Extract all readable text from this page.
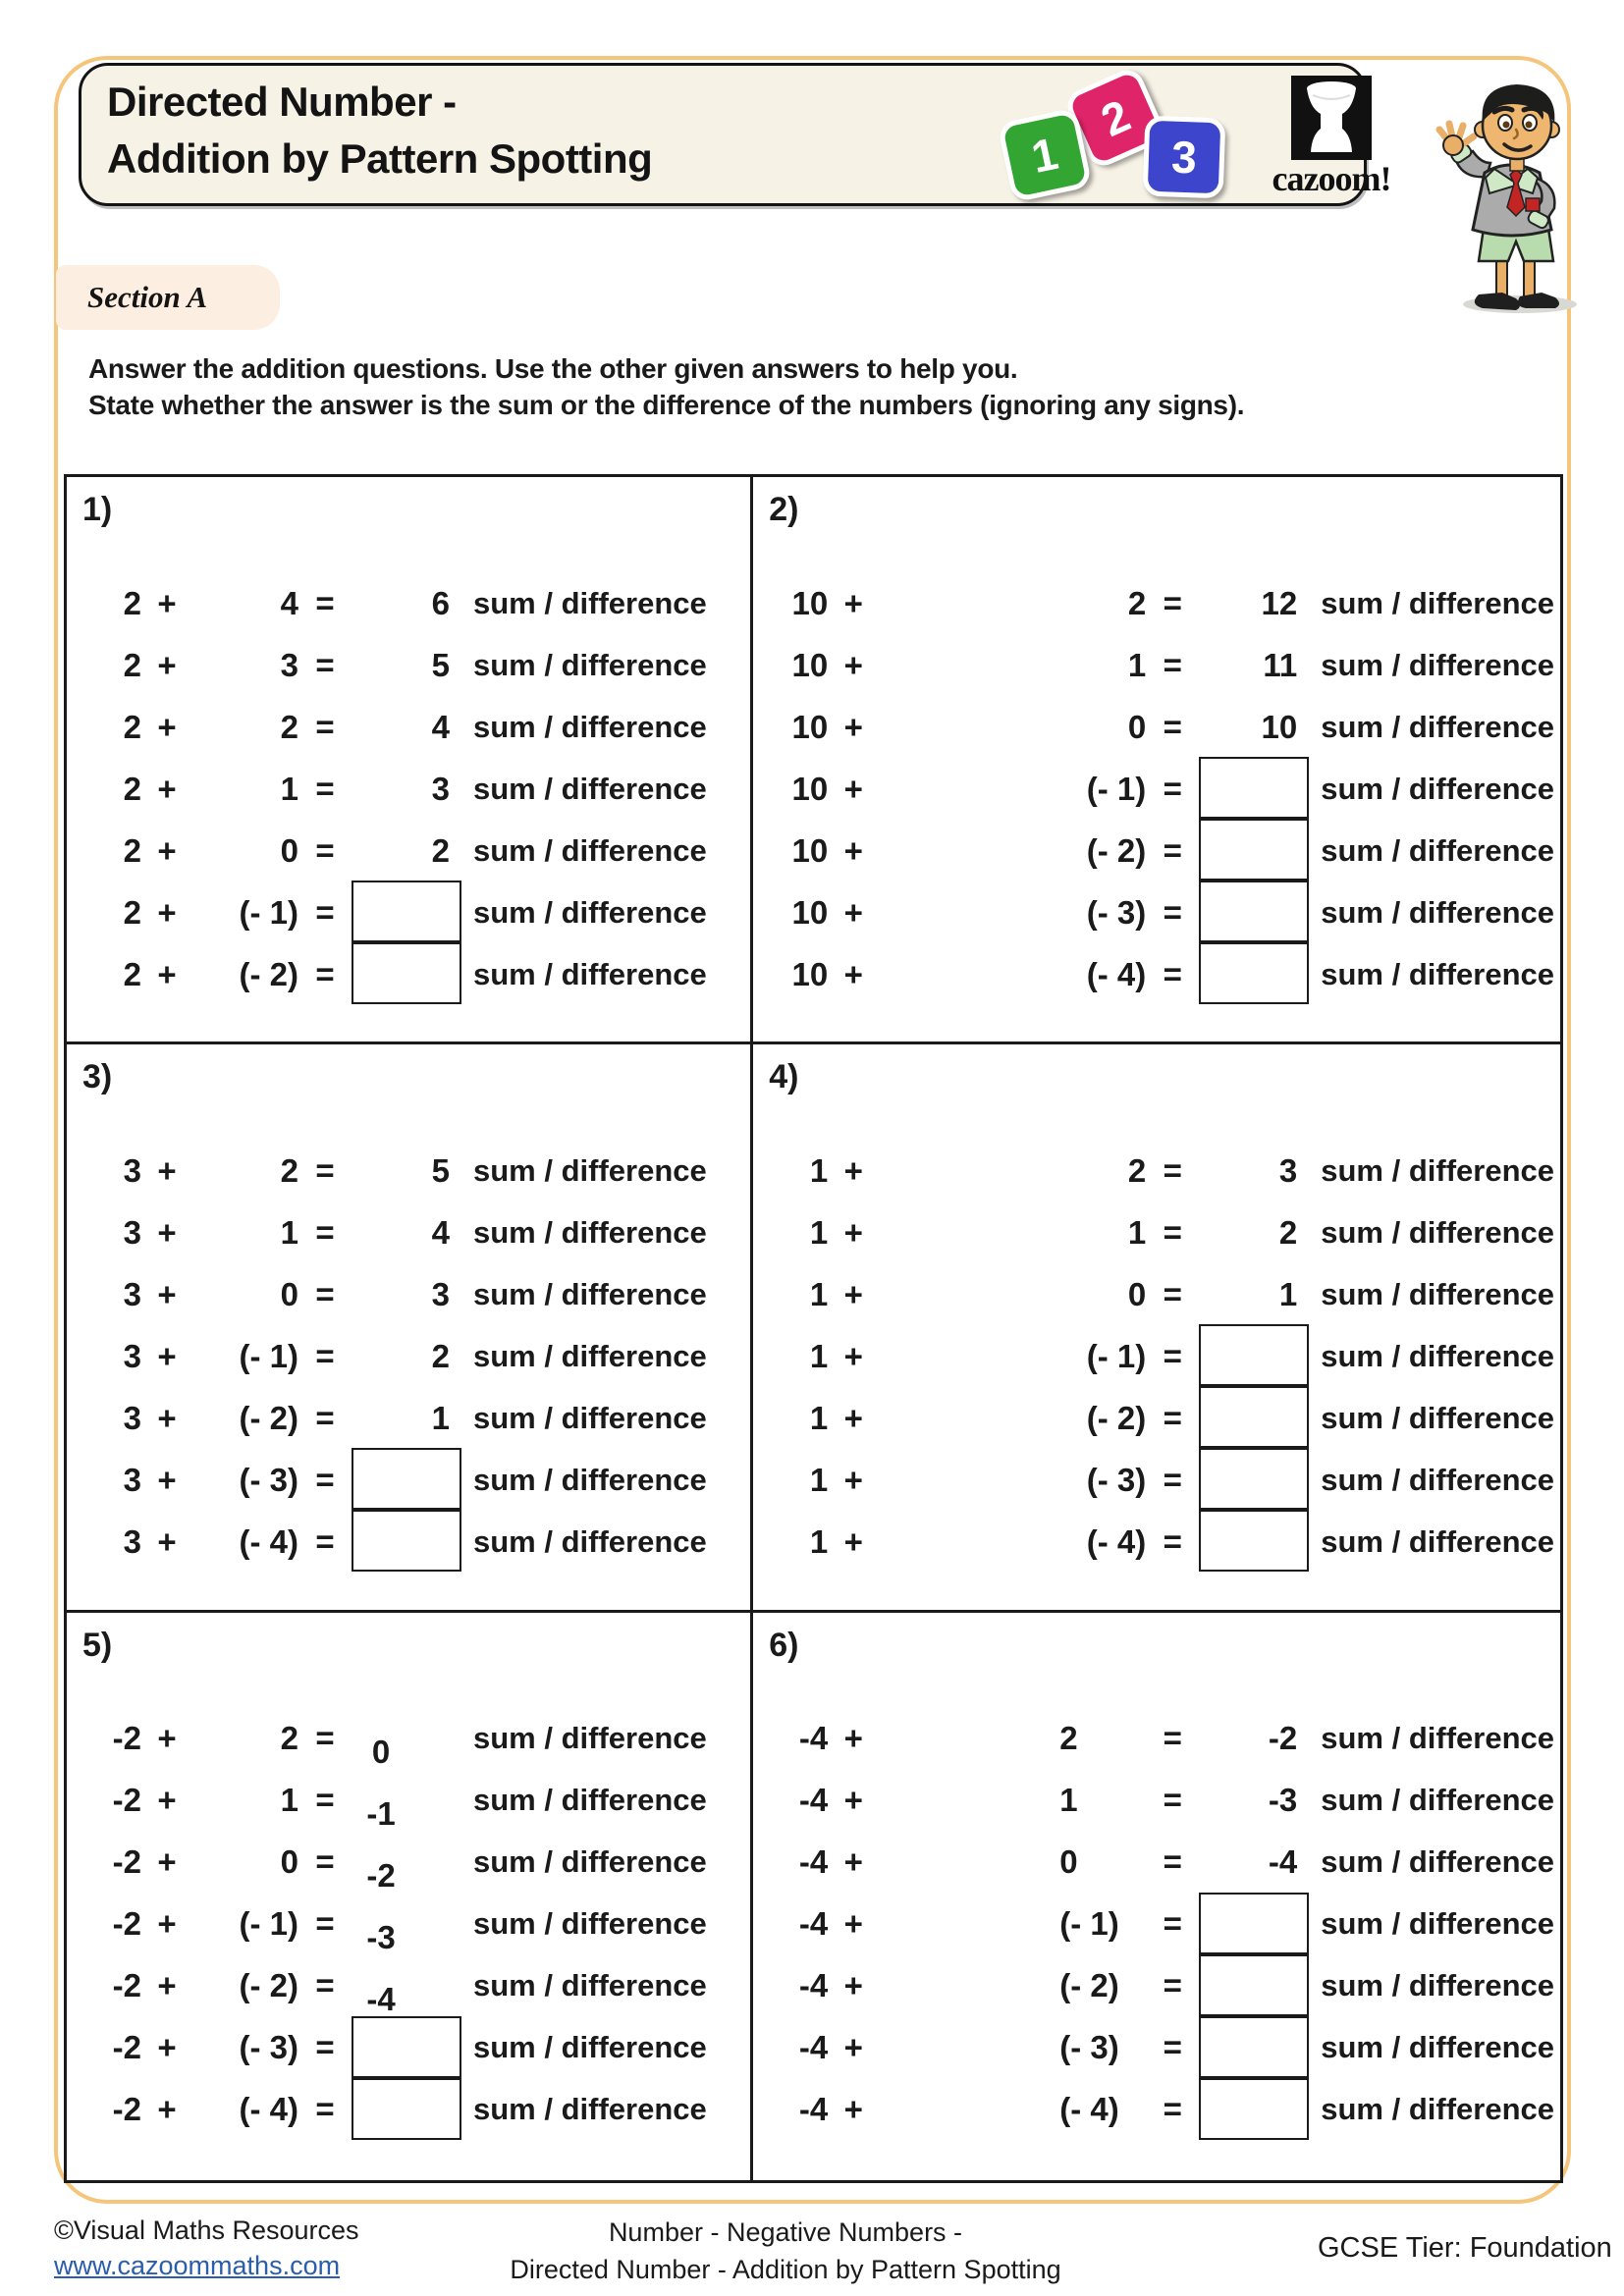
Directed Number -
Addition by Pattern Spotting	1
2
3	cazoom!
Section A
Answer the addition questions. Use the other given answers to help you.
State whether the answer is the sum or the difference of the numbers (ignoring any signs).
1)
2 +	4 =	6 sum / difference
2 +	3 =	5 sum / difference
2 +	2 =	4 sum / difference
2 +	1 =	3 sum / difference
2 +	0 =	2 sum / difference
2 +	(- 1) =	sum / difference
2 +	(- 2) =	sum / difference
2)
10 +	2 =	12 sum / difference
10 +	1 =	11 sum / difference
10 +	0 =	10 sum / difference
10 +	(- 1) =	sum / difference
10 +	(- 2) =	sum / difference
10 +	(- 3) =	sum / difference
10 +	(- 4) =	sum / difference
3)
3 +	2 =	5 sum / difference
3 +	1 =	4 sum / difference
3 +	0 =	3 sum / difference
3 +	(- 1) =	2 sum / difference
3 +	(- 2) =	1 sum / difference
3 +	(- 3) =	sum / difference
3 +	(- 4) =	sum / difference
4)
1 +	2 =	3 sum / difference
1 +	1 =	2 sum / difference
1 +	0 =	1 sum / difference
1 +	(- 1) =	sum / difference
1 +	(- 2) =	sum / difference
1 +	(- 3) =	sum / difference
1 +	(- 4) =	sum / difference
5)
-2 +	2 =	0	sum / difference
-2 +	1 = -1	sum / difference
-2 +	0 = -2	sum / difference
-2 +	(- 1) = -3	sum / difference
-2 +	(- 2) = -4	sum / difference
-2 +	(- 3) =	sum / difference
-2 +	(- 4) =	sum / difference
6)
-4 +	2	=	-2 sum / difference
-4 +	1	=	-3 sum / difference
-4 +	0	=	-4 sum / difference
-4 +	(- 1)	=	sum / difference
-4 +	(- 2)	=	sum / difference
-4 +	(- 3)	=	sum / difference
-4 +	(- 4)	=	sum / difference
©Visual Maths Resources
www.cazoommaths.com
Number - Negative Numbers -
Directed Number - Addition by Pattern Spotting
GCSE Tier: Foundation
